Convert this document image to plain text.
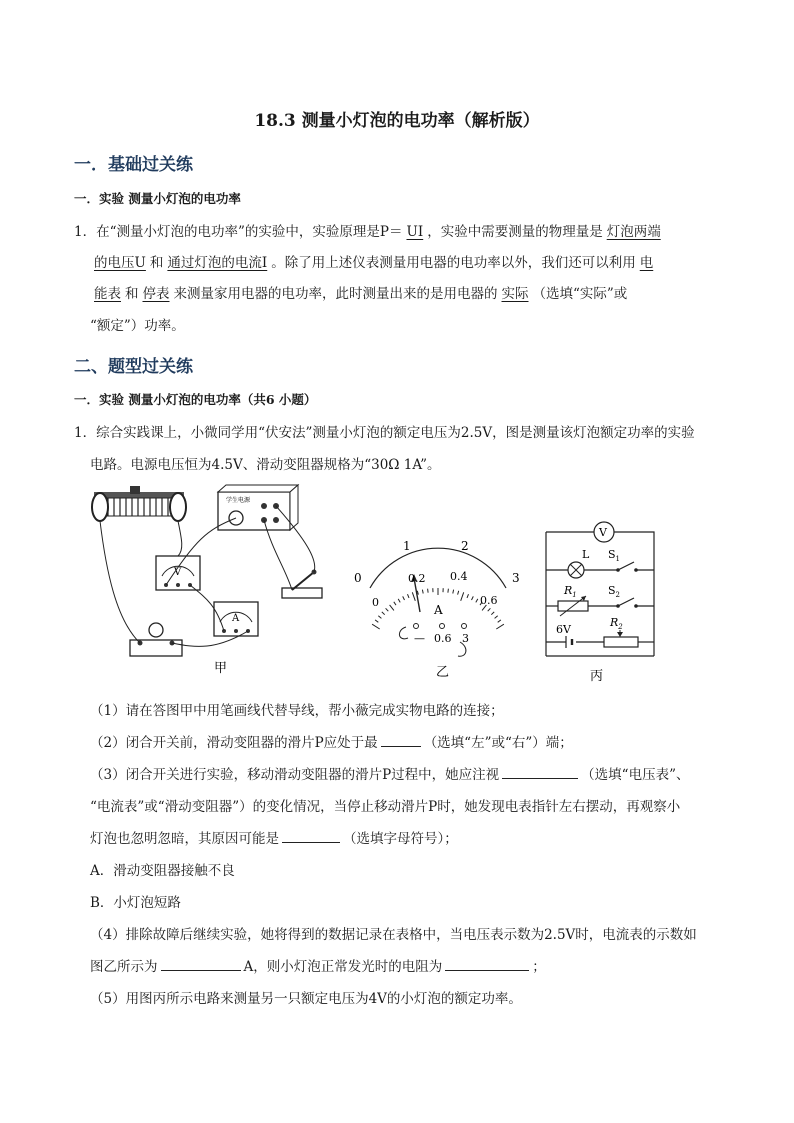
18.3 测量小灯泡的电功率（解析版）
一．基础过关练
一．实验 测量小灯泡的电功率
1．在“测量小灯泡的电功率”的实验中，实验原理是P＝ UI ，实验中需要测量的物理量是 灯泡两端
的电压U 和 通过灯泡的电流I 。除了用上述仪表测量用电器的电功率以外，我们还可以利用 电
能表 和 停表 来测量家用电器的电功率，此时测量出来的是用电器的 实际 （选填“实际”或
“额定”）功率。
二、题型过关练
一．实验 测量小灯泡的电功率（共6 小题）
1．综合实践课上，小微同学用“伏安法”测量小灯泡的额定电压为2.5V，图是测量该灯泡额定功率的实验
电路。电源电压恒为4.5V、滑动变阻器规格为“30Ω 1A”。
学生电源
V
A
甲
0
1	2
3
0
0.2 0.4
0.6
A
— 0.6 3
乙
V
L $S_1$
$R_1$	$S_2$
6V
$R_2$
丙
（1）请在答图甲中用笔画线代替导线，帮小薇完成实物电路的连接；
（2）闭合开关前，滑动变阻器的滑片P应处于最	（选填“左”或“右”）端；
（3）闭合开关进行实验，移动滑动变阻器的滑片P过程中，她应注视	（选填“电压表”、
“电流表”或“滑动变阻器”）的变化情况，当停止移动滑片P时，她发现电表指针左右摆动，再观察小
灯泡也忽明忽暗，其原因可能是	（选填字母符号）；
A．滑动变阻器接触不良
B．小灯泡短路
（4）排除故障后继续实验，她将得到的数据记录在表格中，当电压表示数为2.5V时，电流表的示数如
图乙所示为	A，则小灯泡正常发光时的电阻为	；
（5）用图丙所示电路来测量另一只额定电压为4V的小灯泡的额定功率。
